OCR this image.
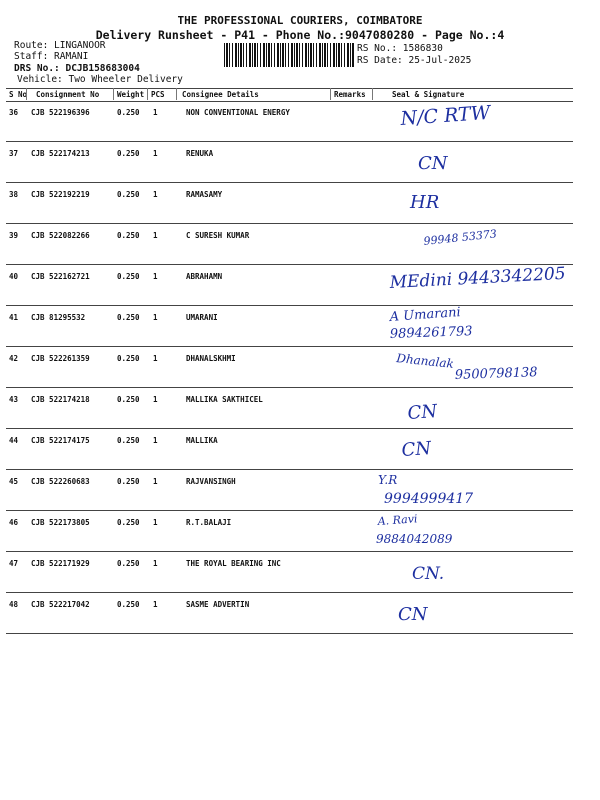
THE PROFESSIONAL COURIERS, COIMBATORE
Delivery Runsheet - P41 - Phone No.:9047080280 - Page No.:4
Route: LINGANOOR
Staff: RAMANI
DRS No.: DCJB158683004
Vehicle: Two Wheeler Delivery
RS No.: 1586830
RS Date: 25-Jul-2025
S No Consignment No Weight PCS Consignee Details	Remarks	Seal & Signature
36 CJB 522196396	0.250 1	NON CONVENTIONAL ENERGY	N/C RTW
37 CJB 522174213	0.250 1	RENUKA	CN
38 CJB 522192219	0.250 1	RAMASAMY	HR
39 CJB 522082266	0.250 1	C SURESH KUMAR	99948 53373
40 CJB 522162721	0.250 1	ABRAHAMN	MEdini 9443342205
41 CJB 81295532	0.250 1	UMARANI	A Umarani
9894261793
42 CJB 522261359	0.250 1	DHANALSKHMI	Dhanalak
9500798138
43 CJB 522174218	0.250 1	MALLIKA SAKTHICEL
CN
44 CJB 522174175	0.250 1	MALLIKA	CN
45 CJB 522260683	0.250 1	RAJVANSINGH	Y.R
9994999417
46 CJB 522173805	0.250 1	R.T.BALAJI	A. Ravi
9884042089
47 CJB 522171929	0.250 1	THE ROYAL BEARING INC
CN.
48 CJB 522217042	0.250 1	SASME ADVERTIN	CN
